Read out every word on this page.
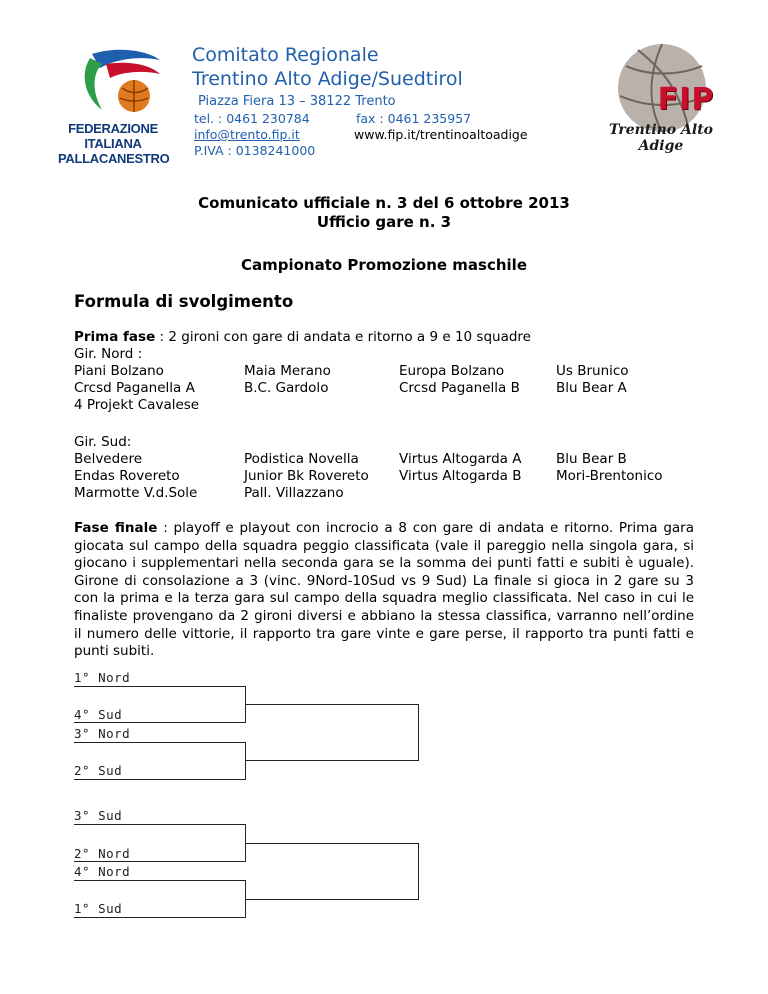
FEDERAZIONE
ITALIANA
PALLACANESTRO
Comitato Regionale
Trentino Alto Adige/Suedtirol
Piazza Fiera 13 – 38122 Trento
tel. : 0461 230784	fax : 0461 235957
info@trento.fip.it	www.fip.it/trentinoaltoadige
P.IVA : 0138241000
FIP
Trentino Alto Adige
Comunicato ufficiale n. 3 del 6 ottobre 2013
Ufficio gare n. 3
Campionato Promozione maschile
Formula di svolgimento
Prima fase : 2 gironi con gare di andata e ritorno a 9 e 10 squadre
Gir. Nord :
Piani Bolzano
Crcsd Paganella A
4 Projekt Cavalese
Maia Merano
B.C. Gardolo
Europa Bolzano
Crcsd Paganella B
Us Brunico
Blu Bear A
Gir. Sud:
Belvedere
Endas Rovereto
Marmotte V.d.Sole
Podistica Novella
Junior Bk Rovereto
Pall. Villazzano
Virtus Altogarda A
Virtus Altogarda B
Blu Bear B
Mori-Brentonico
Fase finale : playoff e playout con incrocio a 8 con gare di andata e ritorno. Prima gara giocata sul campo della squadra peggio classificata (vale il pareggio nella singola gara, si giocano i supplementari nella seconda gara se la somma dei punti fatti e subiti è uguale). Girone di consolazione a 3 (vinc. 9Nord-10Sud vs 9 Sud) La finale si gioca in 2 gare su 3 con la prima e la terza gara sul campo della squadra meglio classificata. Nel caso in cui le finaliste provengano da 2 gironi diversi e abbiano la stessa classifica, varranno nell’ordine il numero delle vittorie, il rapporto tra gare vinte e gare perse, il rapporto tra punti fatti e punti subiti.
1° Nord
4° Sud
3° Nord
2° Sud
3° Sud
2° Nord
4° Nord
1° Sud
